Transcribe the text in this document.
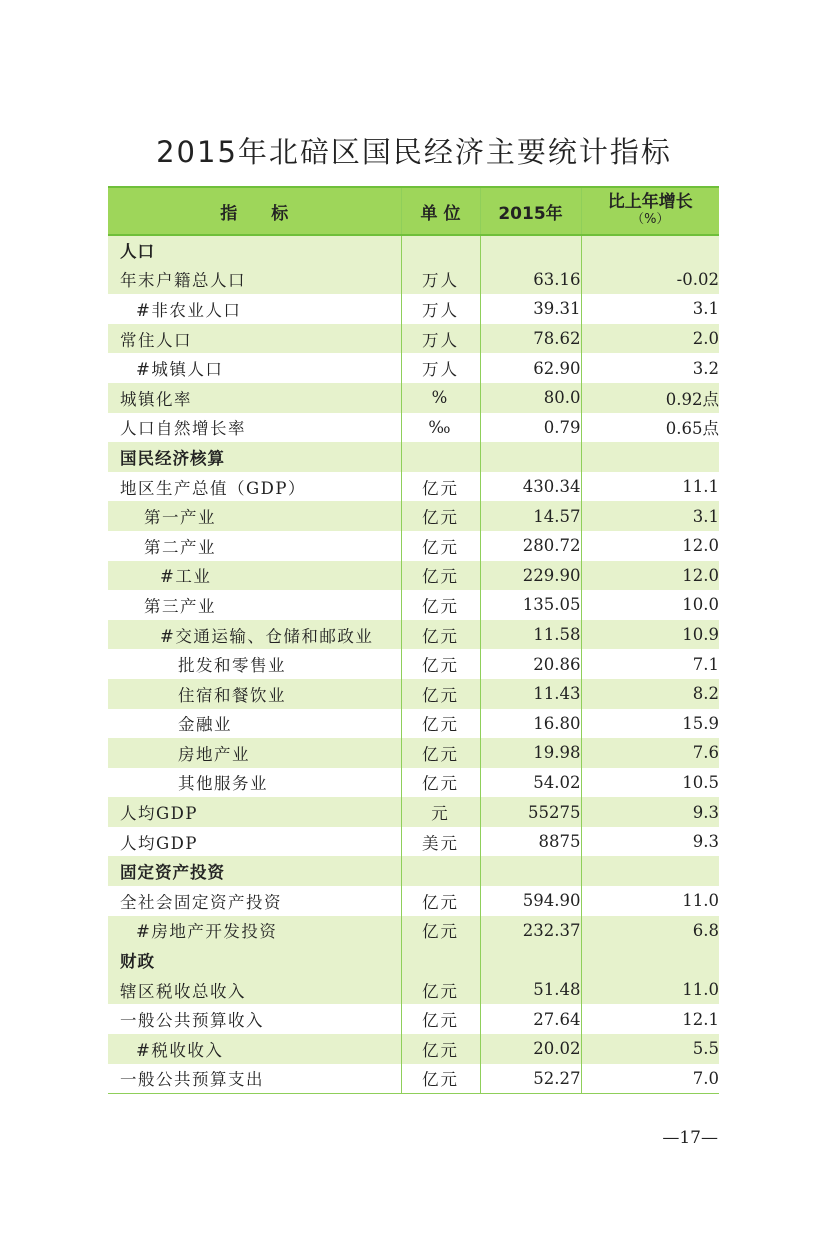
2015年北碚区国民经济主要统计指标
指　　标	单 位	2015年	比上年增长
（%）

人口			
年末户籍总人口	万人	63.16	-0.02
#非农业人口	万人	39.31	3.1
常住人口	万人	78.62	2.0
#城镇人口	万人	62.90	3.2
城镇化率	%	80.0	0.92点
人口自然增长率	‰	0.79	0.65点
国民经济核算			
地区生产总值（GDP）	亿元	430.34	11.1
第一产业	亿元	14.57	3.1
第二产业	亿元	280.72	12.0
#工业	亿元	229.90	12.0
第三产业	亿元	135.05	10.0
#交通运输、仓储和邮政业	亿元	11.58	10.9
批发和零售业	亿元	20.86	7.1
住宿和餐饮业	亿元	11.43	8.2
金融业	亿元	16.80	15.9
房地产业	亿元	19.98	7.6
其他服务业	亿元	54.02	10.5
人均GDP	元	55275	9.3
人均GDP	美元	8875	9.3
固定资产投资			
全社会固定资产投资	亿元	594.90	11.0
#房地产开发投资	亿元	232.37	6.8
财政			
辖区税收总收入	亿元	51.48	11.0
一般公共预算收入	亿元	27.64	12.1
#税收收入	亿元	20.02	5.5
一般公共预算支出	亿元	52.27	7.0
—17—
